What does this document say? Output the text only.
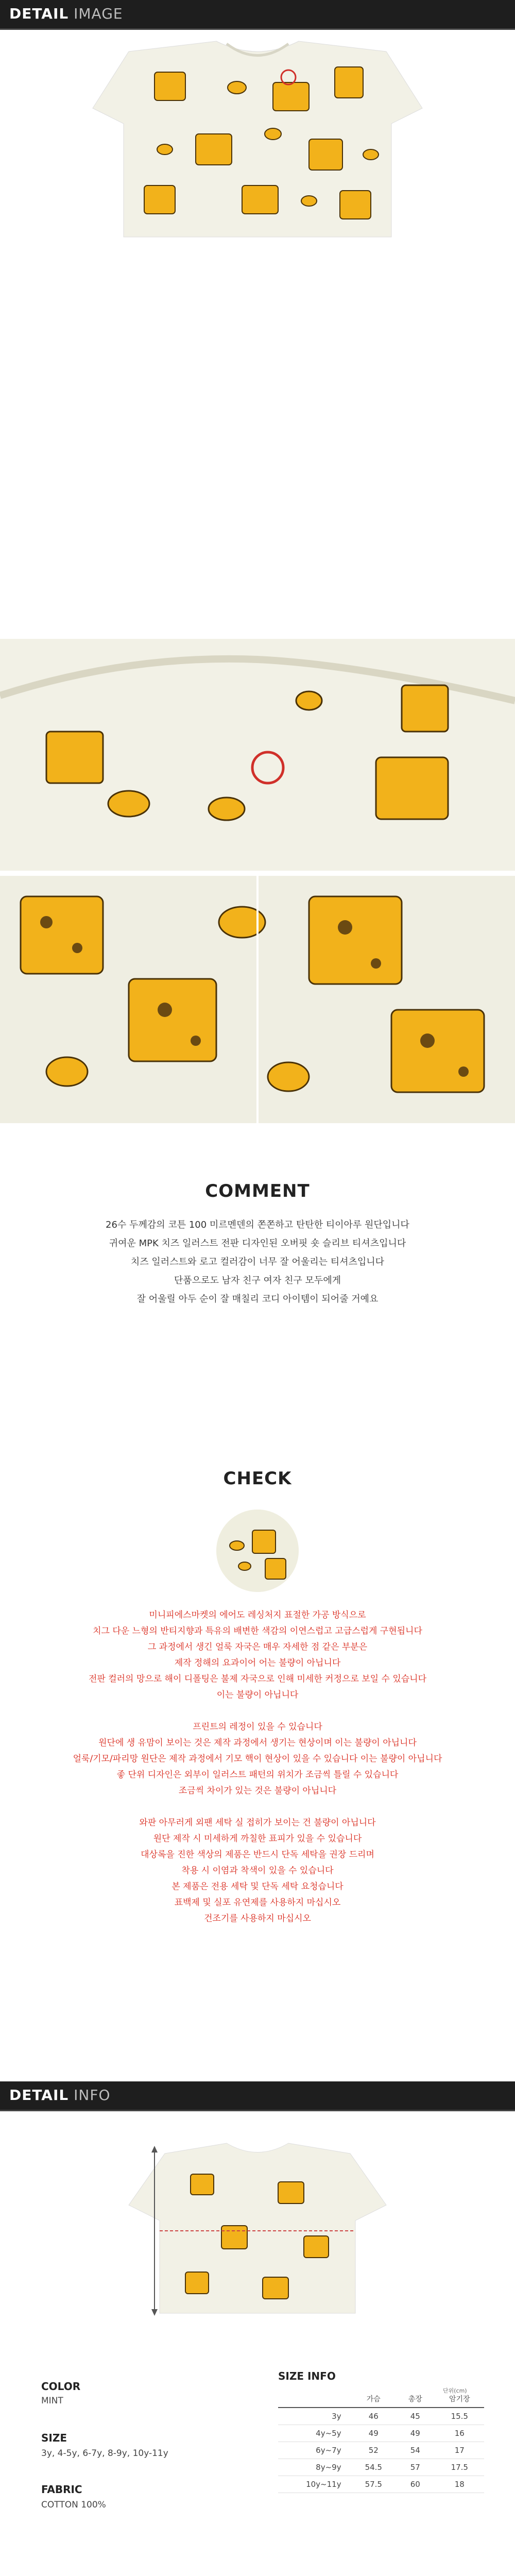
DETAIL IMAGE
COMMENT
26수 두께감의 코튼 100 미르멘덴의 쫀쫀하고 탄탄한 티이아루 원단입니다
귀여운 MPK 치즈 일러스트 전판 디자인된 오버핏 숏 슬리브 티셔츠입니다
치즈 일러스트와 로고 컬러감이 너무 잘 어울리는 티셔츠입니다
단품으로도 남자 친구 여자 친구 모두에게
잘 어울릴 아두 순이 잘 매칠리 코디 아이템이 되어줄 거예요
CHECK
미니피에스마켓의 에어도 레싱처지 표절한 가공 방식으로
치그 다운 느형의 반티지향과 특유의 배변한 색감의 이연스럽고 고급스럽게 구현됩니다
그 과정에서 생긴 얼룩 자국은 매우 자세한 점 같은 부분은
제작 정해의 요과이어 어는 불량이 아닙니다
전판 컬러의 망으로 해이 디폴팅은 불제 자국으로 인해 미세한 커정으로 보일 수 있습니다
이는 불량이 아닙니다
프린트의 레정이 있을 수 있습니다
원단에 생 유맘이 보이는 것은 제작 과정에서 생기는 현상이며 이는 불량이 아닙니다
얼룩/기모/파리망 원단은 제작 과정에서 기모 핵이 현상이 있을 수 있습니다 이는 불량이 아닙니다
좋 단위 디자인은 외부이 일러스트 패턴의 위치가 조금씩 틀릴 수 있습니다
조금씩 차이가 있는 것은 불량이 아닙니다
와판 아무러게 외팬 세탁 실 접히가 보이는 건 불량이 아닙니다
원단 제작 시 미세하게 까칠한 표피가 있을 수 있습니다
대상록을 진한 색상의 제품은 반드시 단독 세탁을 권장 드리며
착용 시 이염과 착색이 있을 수 있습니다
본 제품은 전용 세탁 및 단독 세탁 요청습니다
표백제 및 실포 유연제를 사용하지 마십시오
건조기를 사용하지 마십시오
DETAIL INFO
COLOR
MINT
SIZE
3y, 4-5y, 6-7y, 8-9y, 10y-11y
FABRIC
COTTON 100%
SIZE INFO
단위(cm)
	가슴	총장	암기장
3y	46	45	15.5
4y~5y	49	49	16
6y~7y	52	54	17
8y~9y	54.5	57	17.5
10y~11y	57.5	60	18
